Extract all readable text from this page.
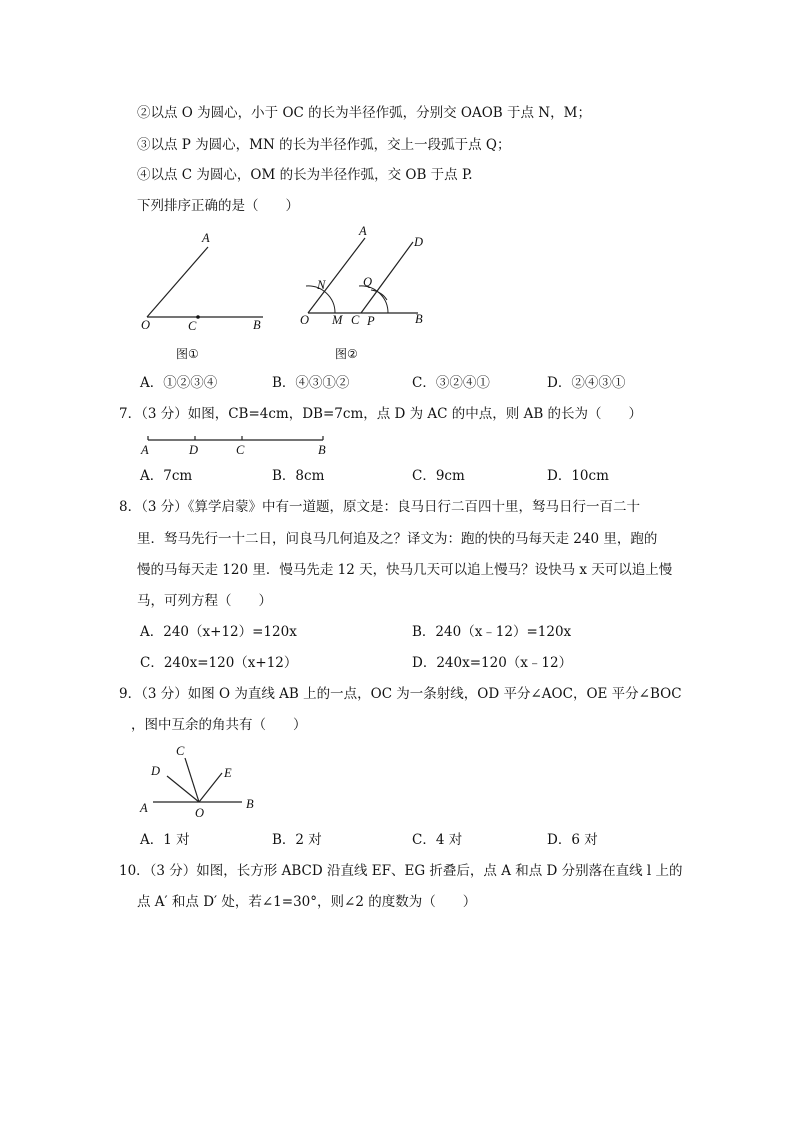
②以点 O 为圆心，小于 OC 的长为半径作弧，分别交 OAOB 于点 N，M；
③以点 P 为圆心，MN 的长为半径作弧，交上一段弧于点 Q；
④以点 C 为圆心，OM 的长为半径作弧，交 OB 于点 P.
下列排序正确的是（　　）
A
O	C	B
图①
A
D
N	Q
O M C P	B
图②
A．①②③④	B．④③①②	C．③②④①	D．②④③①
7．（3 分）如图，CB=4cm，DB=7cm，点 D 为 AC 的中点，则 AB 的长为（　　）
A	D	C	B
A．7cm	B．8cm	C．9cm	D．10cm
8．（3 分）《算学启蒙》中有一道题，原文是：良马日行二百四十里，驽马日行一百二十
里．驽马先行一十二日，问良马几何追及之？译文为：跑的快的马每天走 240 里，跑的
慢的马每天走 120 里．慢马先走 12 天，快马几天可以追上慢马？设快马 x 天可以追上慢
马，可列方程（　　）
A．240（x+12）=120x	B．240（x﹣12）=120x
C．240x=120（x+12）	D．240x=120（x﹣12）
9．（3 分）如图 O 为直线 AB 上的一点，OC 为一条射线，OD 平分∠AOC，OE 平分∠BOC
，图中互余的角共有（　　）
C
D	E
A	B
O
A．1 对	B．2 对	C．4 对	D．6 对
10．（3 分）如图，长方形 ABCD 沿直线 EF、EG 折叠后，点 A 和点 D 分别落在直线 l 上的
点 A′ 和点 D′ 处，若∠1=30°，则∠2 的度数为（　　）
